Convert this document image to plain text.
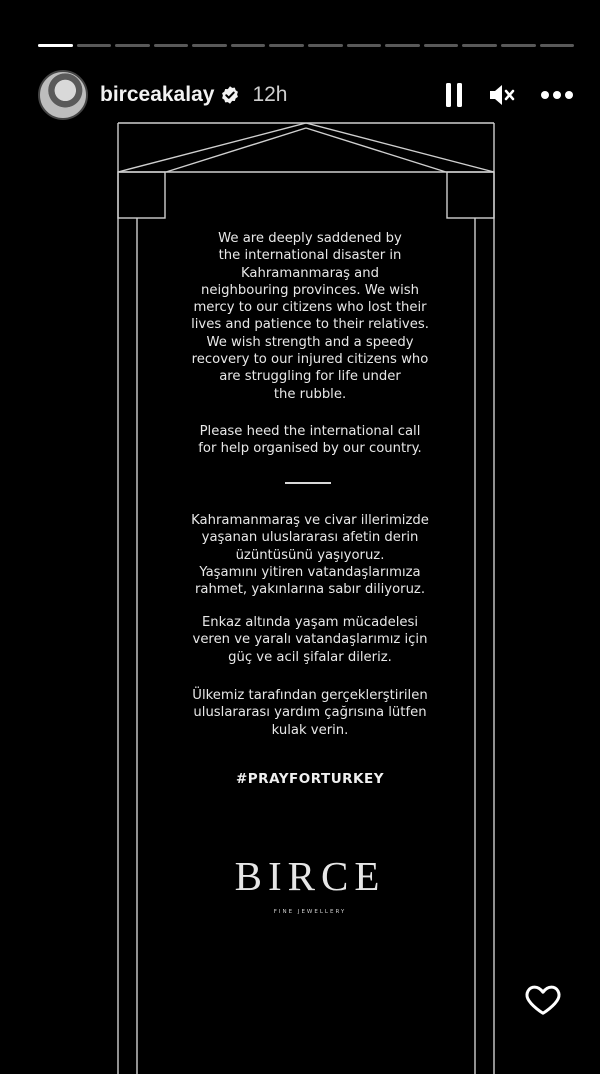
birceakalay 12h
We are deeply saddened by
the international disaster in
Kahramanmaraş and
neighbouring provinces. We wish
mercy to our citizens who lost their
lives and patience to their relatives.
We wish strength and a speedy
recovery to our injured citizens who
are struggling for life under
the rubble.
Please heed the international call
for help organised by our country.
Kahramanmaraş ve civar illerimizde
yaşanan uluslararası afetin derin
üzüntüsünü yaşıyoruz.
Yaşamını yitiren vatandaşlarımıza
rahmet, yakınlarına sabır diliyoruz.
Enkaz altında yaşam mücadelesi
veren ve yaralı vatandaşlarımız için
güç ve acil şifalar dileriz.
Ülkemiz tarafından gerçeklerştirilen
uluslararası yardım çağrısına lütfen
kulak verin.
#PRAYFORTURKEY
BIRCE
FINE JEWELLERY
